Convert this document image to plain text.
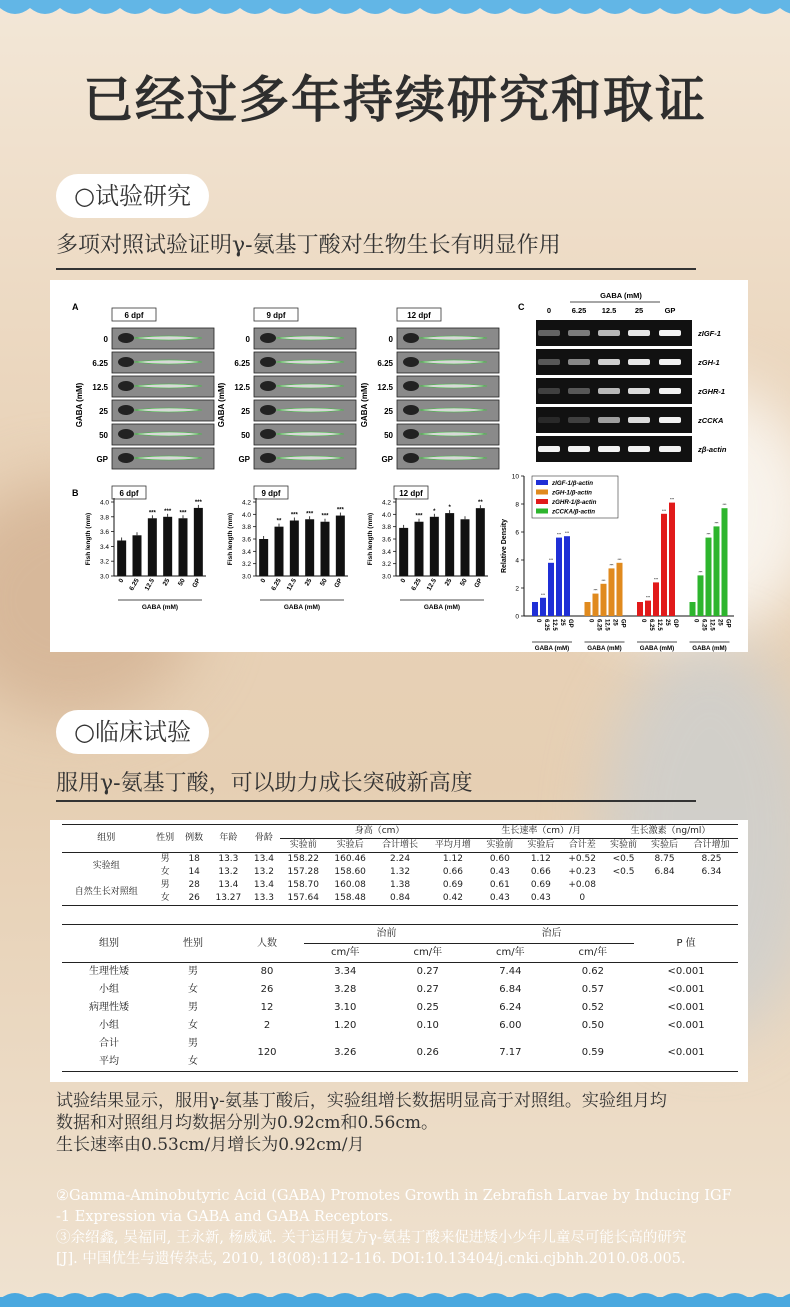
已经过多年持续研究和取证
○试验研究
多项对照试验证明γ-氨基丁酸对生物生长有明显作用
A
B
C
6 dpf
GABA (mM)
0
6.25
12.5
25
50
GP
9 dpf
GABA (mM)
0
6.25
12.5
25
50
GP
12 dpf
GABA (mM)
0
6.25
12.5
25
50
GP
6 dpf
3.0
3.2
3.4
3.6
3.8
4.0
Fish length (mm)
0 6.25
***
12.5
***
25
***
50
***
GP
GABA (mM)
9 dpf
3.0
3.2
3.4
3.6
3.8
4.0
4.2
Fish length (mm)
0
**
6.25
***
12.5
***
25
***
50
***
GP
GABA (mM)
12 dpf
3.0
3.2
3.4
3.6
3.8
4.0
4.2
Fish length (mm)
0
***
6.25
*
12.5
*
25 50
**
GP
GABA (mM)
GABA (mM)
0	6.25 12.5 25	GP
zIGF-1
zGH-1
zGHR-1
zCCKA
zβ-actin
0
2
4
6
8
10
Relative Density
zIGF-1/β-actin
zGH-1/β-actin
zGHR-1/β-actin
zCCKA/β-actin
0
***
6.25
***
12.5
***
25
***
GP
GABA (mM)
0
***
6.25
***
12.5
***
25
***
GP
GABA (mM)
0
***
6.25
***
12.5
***
25
***
GP
GABA (mM)
0
***
6.25
***
12.5
***
25
***
GP
GABA (mM)
○临床试验
服用γ-氨基丁酸，可以助力成长突破新高度
组别	性别	例数	年龄	骨龄	身高（cm）				生长速率（cm）/月			生长激素（ng/ml）		
					实验前	实验后	合计增长	平均月增	实验前	实验后	合计差	实验前	实验后	合计增加
实验组	男	18	13.3	13.4	158.22	160.46	2.24	1.12	0.60	1.12	+0.52	<0.5	8.75	8.25
	女	14	13.2	13.2	157.28	158.60	1.32	0.66	0.43	0.66	+0.23	<0.5	6.84	6.34
自然生长对照组	男	28	13.4	13.4	158.70	160.08	1.38	0.69	0.61	0.69	+0.08			
	女	26	13.27	13.3	157.64	158.48	0.84	0.42	0.43	0.43	0			
组别	性别	人数	治前		治后		P 值
			cm/年	cm/年	cm/年	cm/年	
生理性矮	男	80	3.34	0.27	7.44	0.62	<0.001
小组	女	26	3.28	0.27	6.84	0.57	<0.001
病理性矮	男	12	3.10	0.25	6.24	0.52	<0.001
小组	女	2	1.20	0.10	6.00	0.50	<0.001
合计	男	120	3.26	0.26	7.17	0.59	<0.001
平均	女						
试验结果显示，服用γ-氨基丁酸后，实验组增长数据明显高于对照组。实验组月均
数据和对照组月均数据分别为0.92cm和0.56cm。
生长速率由0.53cm/月增长为0.92cm/月
②Gamma-Aminobutyric Acid (GABA) Promotes Growth in Zebrafish Larvae by Inducing IGF
-1 Expression via GABA and GABA Receptors.
③余绍鑫, 吴福同, 王永新, 杨威斌. 关于运用复方γ-氨基丁酸来促进矮小少年儿童尽可能长高的研究
[J]. 中国优生与遗传杂志, 2010, 18(08):112-116. DOI:10.13404/j.cnki.cjbhh.2010.08.005.
